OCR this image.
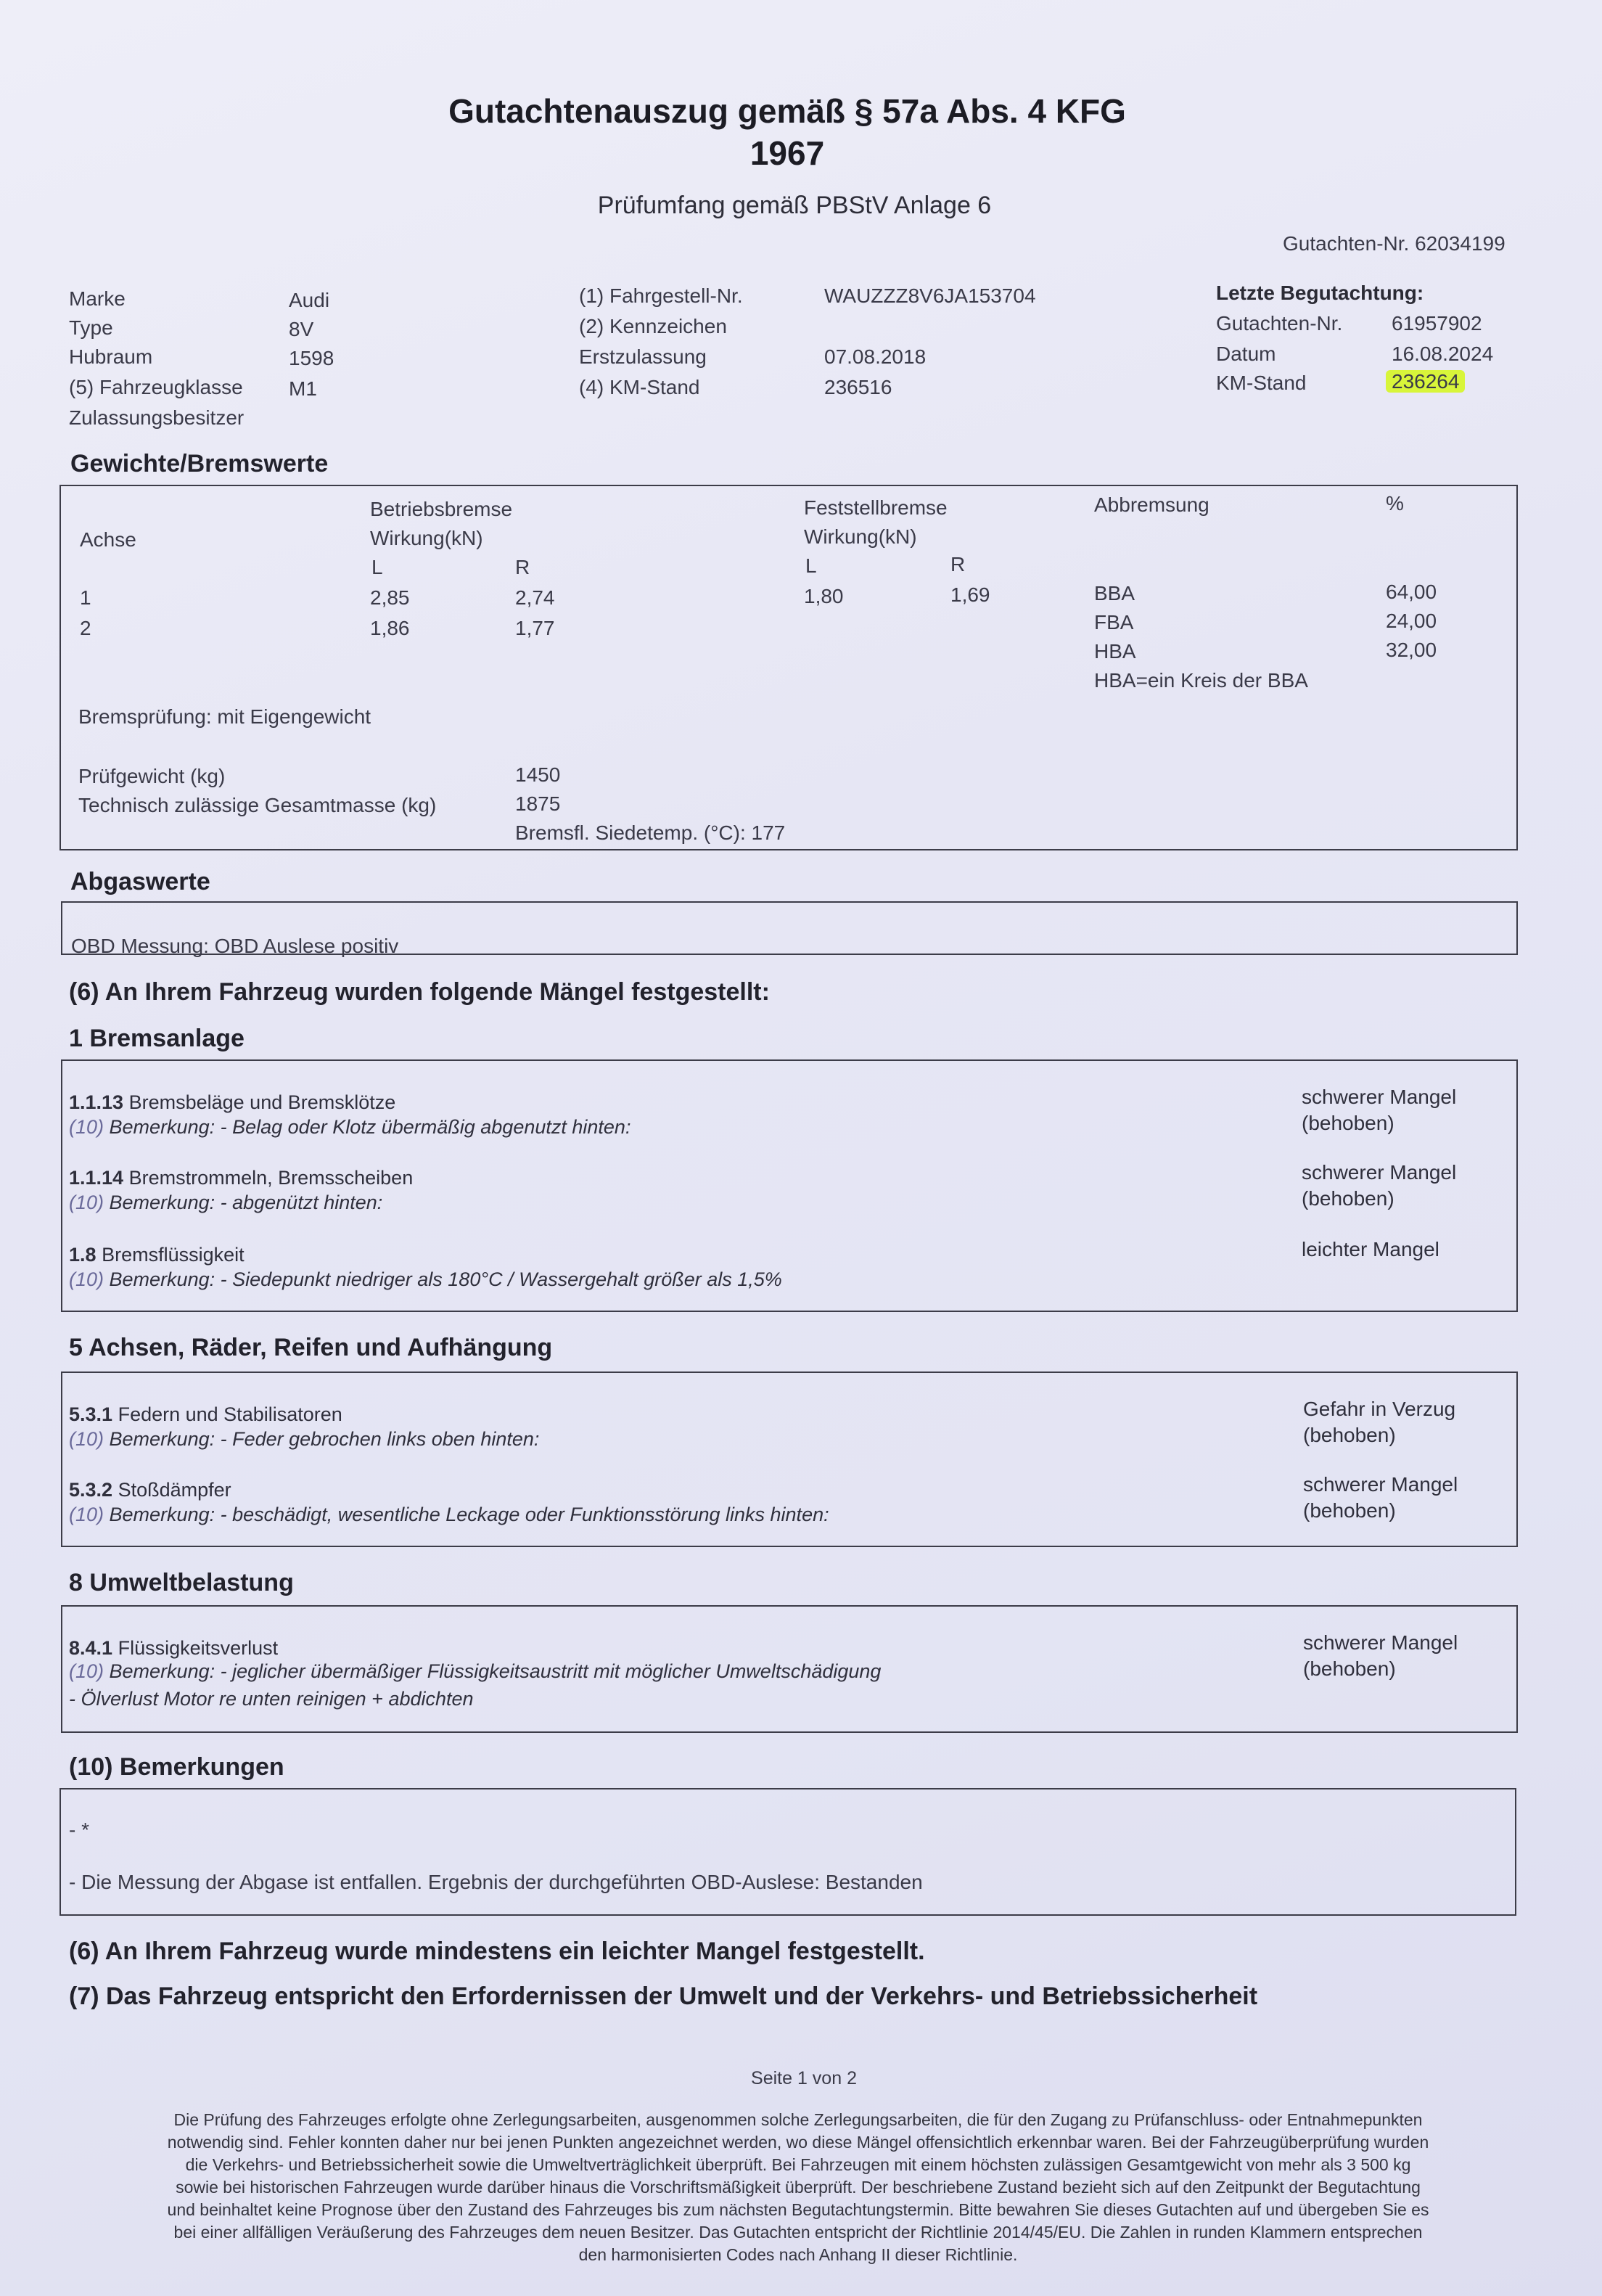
Gutachtenauszug gemäß § 57a Abs. 4 KFG
1967
Prüfumfang gemäß PBStV Anlage 6
Gutachten-Nr. 62034199
Marke	Audi
Type	8V
Hubraum	1598
(5) Fahrzeugklasse M1
Zulassungsbesitzer
(1) Fahrgestell-Nr.	WAUZZZ8V6JA153704
(2) Kennzeichen
Erstzulassung	07.08.2018
(4) KM-Stand	236516
Letzte Begutachtung:
Gutachten-Nr. 61957902
Datum	16.08.2024
KM-Stand	236264
Gewichte/Bremswerte
Achse
Betriebsbremse
Wirkung(kN)
L	R
Feststellbremse
Wirkung(kN)
L	R
Abbremsung	%
1	2,85	2,74	1,80	1,69
2	1,86	1,77
BBA	64,00
FBA	24,00
HBA	32,00
HBA=ein Kreis der BBA
Bremsprüfung: mit Eigengewicht
Prüfgewicht (kg)	1450
Technisch zulässige Gesamtmasse (kg)	1875
Bremsfl. Siedetemp. (°C): 177
Abgaswerte
OBD Messung: OBD Auslese positiv
(6) An Ihrem Fahrzeug wurden folgende Mängel festgestellt:
1 Bremsanlage
1.1.13 Bremsbeläge und Bremsklötze
(10) Bemerkung: - Belag oder Klotz übermäßig abgenutzt hinten:
schwerer Mangel
(behoben)
1.1.14 Bremstrommeln, Bremsscheiben
(10) Bemerkung: - abgenützt hinten:
schwerer Mangel
(behoben)
1.8 Bremsflüssigkeit
(10) Bemerkung: - Siedepunkt niedriger als 180°C / Wassergehalt größer als 1,5%
leichter Mangel
5 Achsen, Räder, Reifen und Aufhängung
5.3.1 Federn und Stabilisatoren
(10) Bemerkung: - Feder gebrochen links oben hinten:
Gefahr in Verzug
(behoben)
5.3.2 Stoßdämpfer
(10) Bemerkung: - beschädigt, wesentliche Leckage oder Funktionsstörung links hinten:
schwerer Mangel
(behoben)
8 Umweltbelastung
8.4.1 Flüssigkeitsverlust
(10) Bemerkung: - jeglicher übermäßiger Flüssigkeitsaustritt mit möglicher Umweltschädigung
- Ölverlust Motor re unten reinigen + abdichten
schwerer Mangel
(behoben)
(10) Bemerkungen
- *
- Die Messung der Abgase ist entfallen. Ergebnis der durchgeführten OBD-Auslese: Bestanden
(6) An Ihrem Fahrzeug wurde mindestens ein leichter Mangel festgestellt.
(7) Das Fahrzeug entspricht den Erfordernissen der Umwelt und der Verkehrs- und Betriebssicherheit
Seite 1 von 2
Die Prüfung des Fahrzeuges erfolgte ohne Zerlegungsarbeiten, ausgenommen solche Zerlegungsarbeiten, die für den Zugang zu Prüfanschluss- oder Entnahmepunkten
notwendig sind. Fehler konnten daher nur bei jenen Punkten angezeichnet werden, wo diese Mängel offensichtlich erkennbar waren. Bei der Fahrzeugüberprüfung wurden
die Verkehrs- und Betriebssicherheit sowie die Umweltverträglichkeit überprüft. Bei Fahrzeugen mit einem höchsten zulässigen Gesamtgewicht von mehr als 3 500 kg
sowie bei historischen Fahrzeugen wurde darüber hinaus die Vorschriftsmäßigkeit überprüft. Der beschriebene Zustand bezieht sich auf den Zeitpunkt der Begutachtung
und beinhaltet keine Prognose über den Zustand des Fahrzeuges bis zum nächsten Begutachtungstermin. Bitte bewahren Sie dieses Gutachten auf und übergeben Sie es
bei einer allfälligen Veräußerung des Fahrzeuges dem neuen Besitzer. Das Gutachten entspricht der Richtlinie 2014/45/EU. Die Zahlen in runden Klammern entsprechen
den harmonisierten Codes nach Anhang II dieser Richtlinie.
